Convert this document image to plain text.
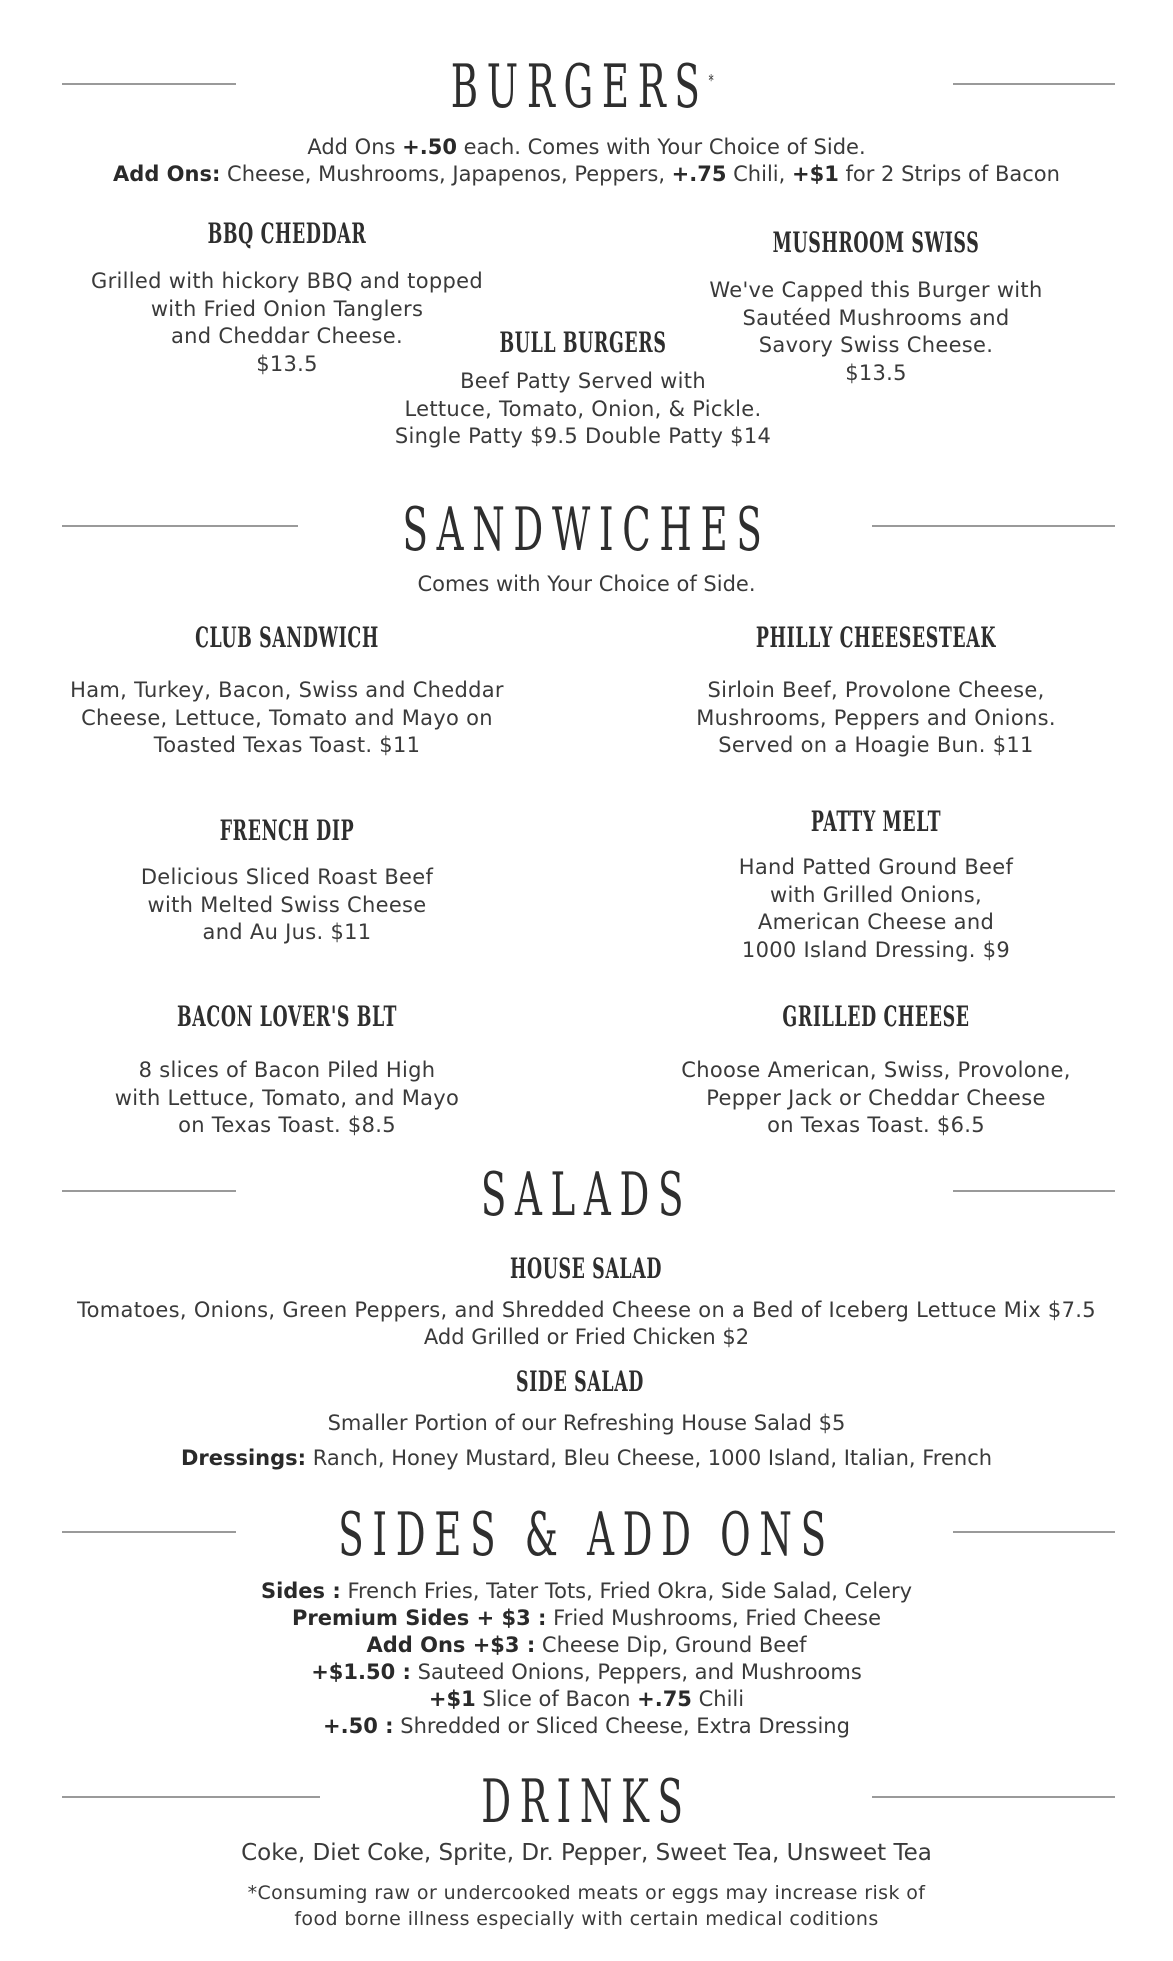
BURGERS*
Add Ons +.50 each. Comes with Your Choice of Side.
Add Ons: Cheese, Mushrooms, Japapenos, Peppers, +.75 Chili, +$1 for 2 Strips of Bacon
BBQ CHEDDAR
Grilled with hickory BBQ and topped
with Fried Onion Tanglers
and Cheddar Cheese.
$13.5
MUSHROOM SWISS
We've Capped this Burger with
Sautéed Mushrooms and
Savory Swiss Cheese.
$13.5
BULL BURGERS
Beef Patty Served with
Lettuce, Tomato, Onion, & Pickle.
Single Patty $9.5 Double Patty $14
SANDWICHES
Comes with Your Choice of Side.
CLUB SANDWICH
Ham, Turkey, Bacon, Swiss and Cheddar
Cheese, Lettuce, Tomato and Mayo on
Toasted Texas Toast. $11
PHILLY CHEESESTEAK
Sirloin Beef, Provolone Cheese,
Mushrooms, Peppers and Onions.
Served on a Hoagie Bun. $11
FRENCH DIP
Delicious Sliced Roast Beef
with Melted Swiss Cheese
and Au Jus. $11
PATTY MELT
Hand Patted Ground Beef
with Grilled Onions,
American Cheese and
1000 Island Dressing. $9
BACON LOVER'S BLT
8 slices of Bacon Piled High
with Lettuce, Tomato, and Mayo
on Texas Toast. $8.5
GRILLED CHEESE
Choose American, Swiss, Provolone,
Pepper Jack or Cheddar Cheese
on Texas Toast. $6.5
SALADS
HOUSE SALAD
Tomatoes, Onions, Green Peppers, and Shredded Cheese on a Bed of Iceberg Lettuce Mix $7.5
Add Grilled or Fried Chicken $2
SIDE SALAD
Smaller Portion of our Refreshing House Salad $5
Dressings: Ranch, Honey Mustard, Bleu Cheese, 1000 Island, Italian, French
SIDES & ADD ONS
Sides : French Fries, Tater Tots, Fried Okra, Side Salad, Celery
Premium Sides + $3 : Fried Mushrooms, Fried Cheese
Add Ons +$3 : Cheese Dip, Ground Beef
+$1.50 : Sauteed Onions, Peppers, and Mushrooms
+$1 Slice of Bacon +.75 Chili
+.50 : Shredded or Sliced Cheese, Extra Dressing
DRINKS
Coke, Diet Coke, Sprite, Dr. Pepper, Sweet Tea, Unsweet Tea
*Consuming raw or undercooked meats or eggs may increase risk of
food borne illness especially with certain medical coditions
